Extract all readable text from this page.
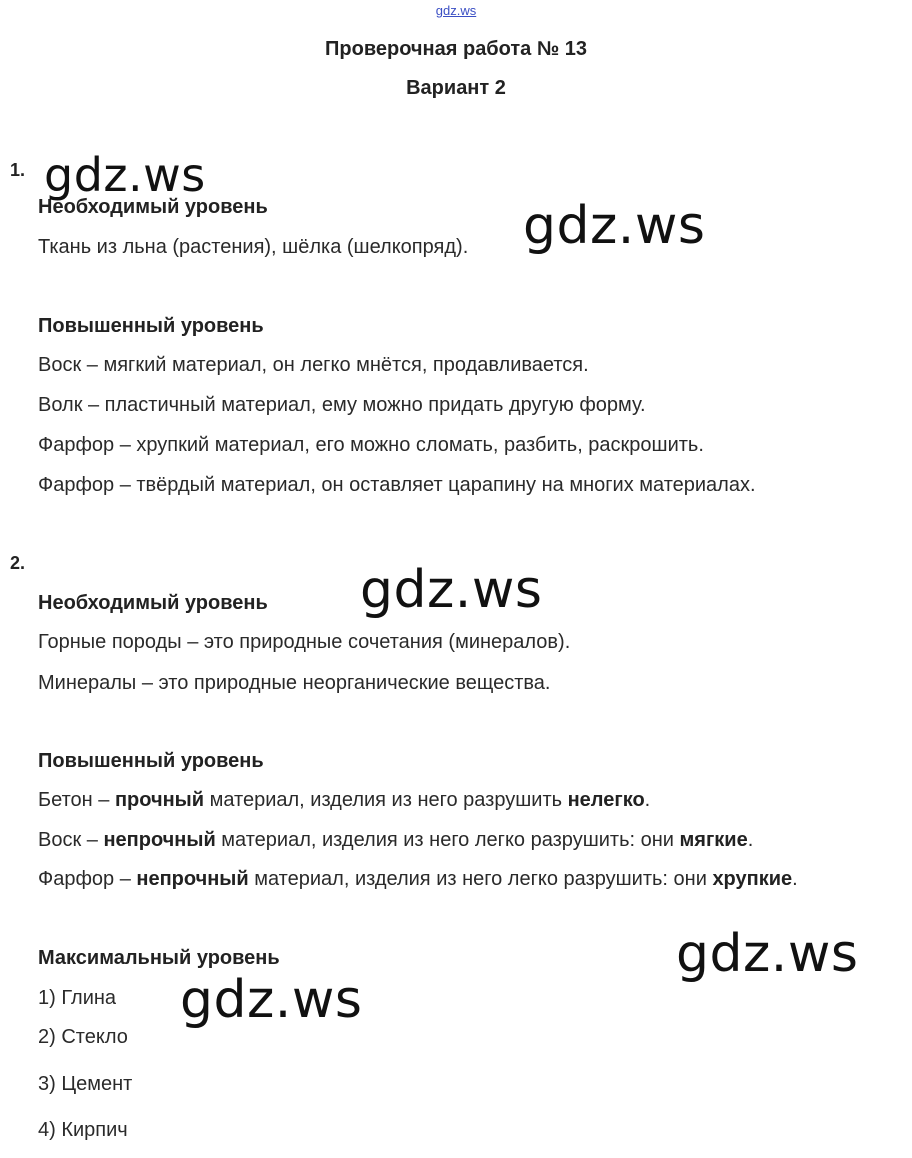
gdz.ws
Проверочная работа № 13
Вариант 2
1. gdz.ws
Необходимый уровень
Ткань из льна (растения), шёлка (шелкопряд). gdz.ws
Повышенный уровень
Воск – мягкий материал, он легко мнётся, продавливается.
Волк – пластичный материал, ему можно придать другую форму.
Фарфор – хрупкий материал, его можно сломать, разбить, раскрошить.
Фарфор – твёрдый материал, он оставляет царапину на многих материалах.
2.
Необходимый уровень gdz.ws
Горные породы – это природные сочетания (минералов).
Минералы – это природные неорганические вещества.
Повышенный уровень
Бетон – прочный материал, изделия из него разрушить нелегко.
Воск – непрочный материал, изделия из него легко разрушить: они мягкие.
Фарфор – непрочный материал, изделия из него легко разрушить: они хрупкие.
gdz.ws
Максимальный уровень
1) Глина gdz.ws
2) Стекло
3) Цемент
4) Кирпич
